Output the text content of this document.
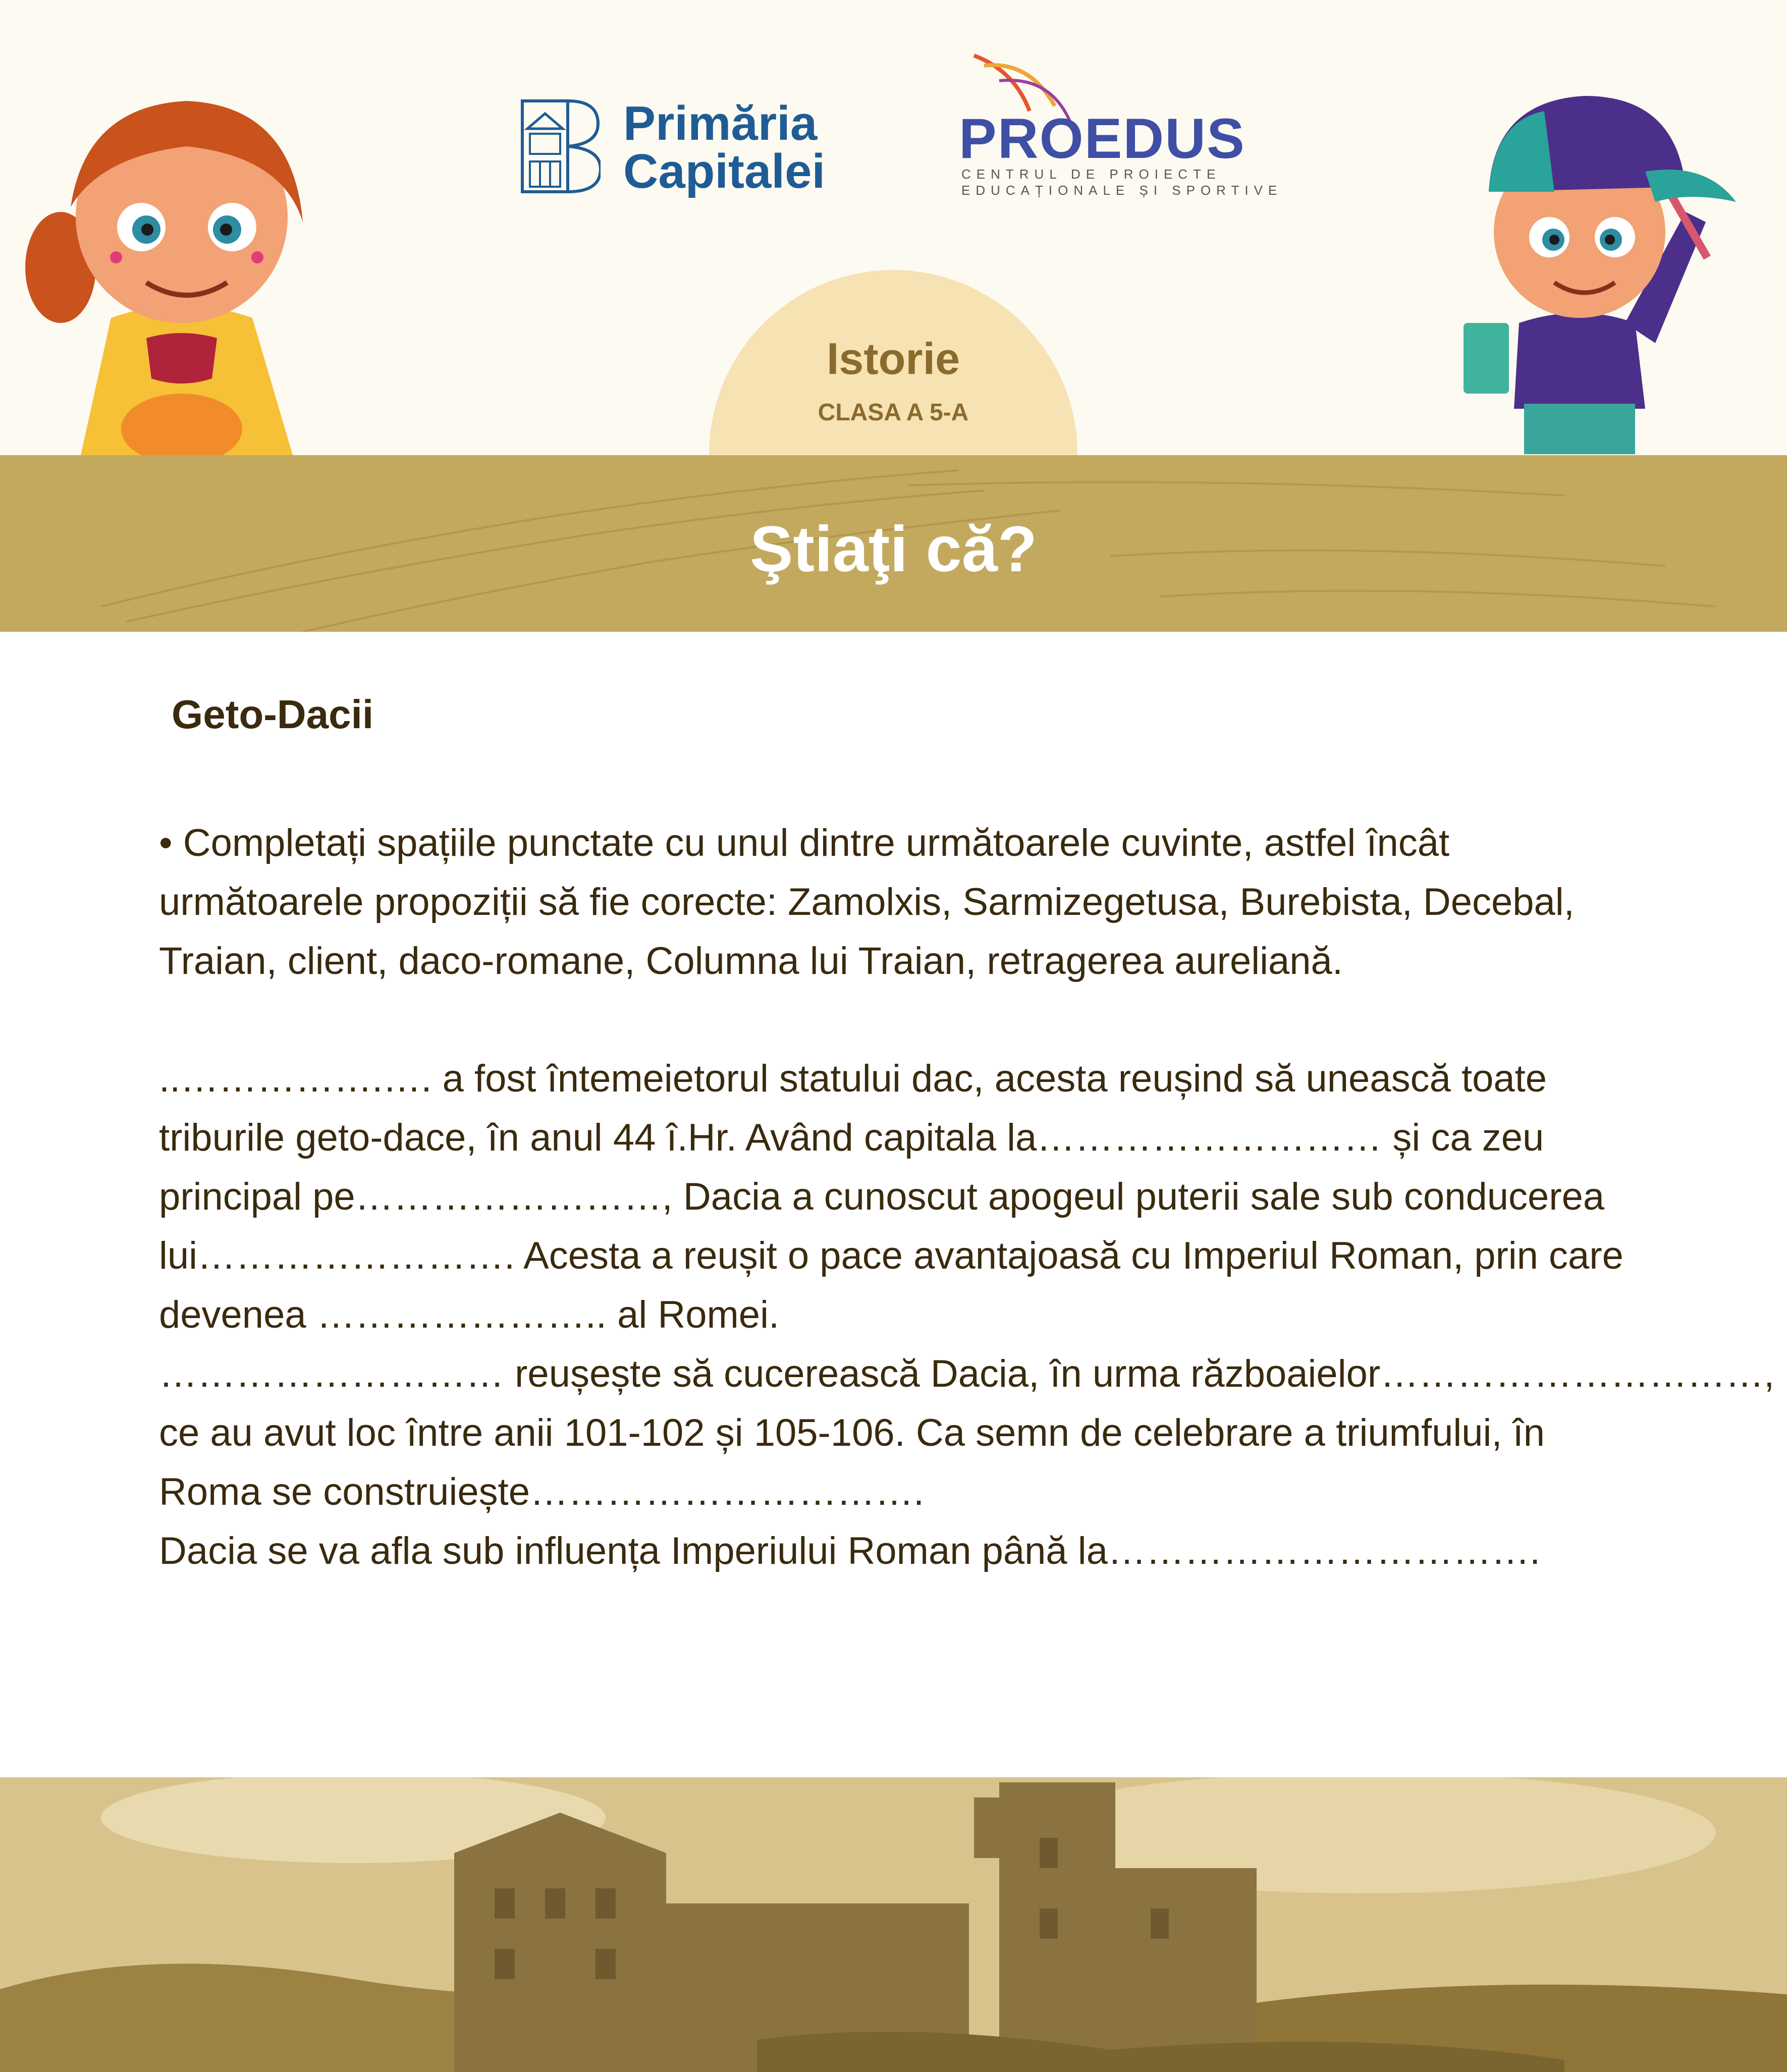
Primăria
Capitalei
PROEDUS
CENTRUL DE PROIECTE
EDUCAȚIONALE ȘI SPORTIVE
Istorie
CLASA A 5-A
Ştiaţi că?
Geto-Dacii

• Completați spațiile punctate cu unul dintre următoarele cuvinte, astfel încât

următoarele propoziții să fie corecte: Zamolxis, Sarmizegetusa, Burebista, Decebal,

Traian, client, daco-romane, Columna lui Traian, retragerea aureliană.

..…………….…. a fost întemeietorul statului dac, acesta reușind să unească toate

triburile geto-dace, în anul 44 î.Hr. Având capitala la……………………… și ca zeu

principal pe……………………, Dacia a cunoscut apogeul puterii sale sub conducerea

lui……………………. Acesta a reușit o pace avantajoasă cu Imperiul Roman, prin care

devenea ………………….. al Romei.

……………………… reușește să cucerească Dacia, în urma războaielor…………………………,

ce au avut loc între anii 101-102 și 105-106. Ca semn de celebrare a triumfului, în

Roma se construiește………………………….

Dacia se va afla sub influența Imperiului Roman până la…………………………….
